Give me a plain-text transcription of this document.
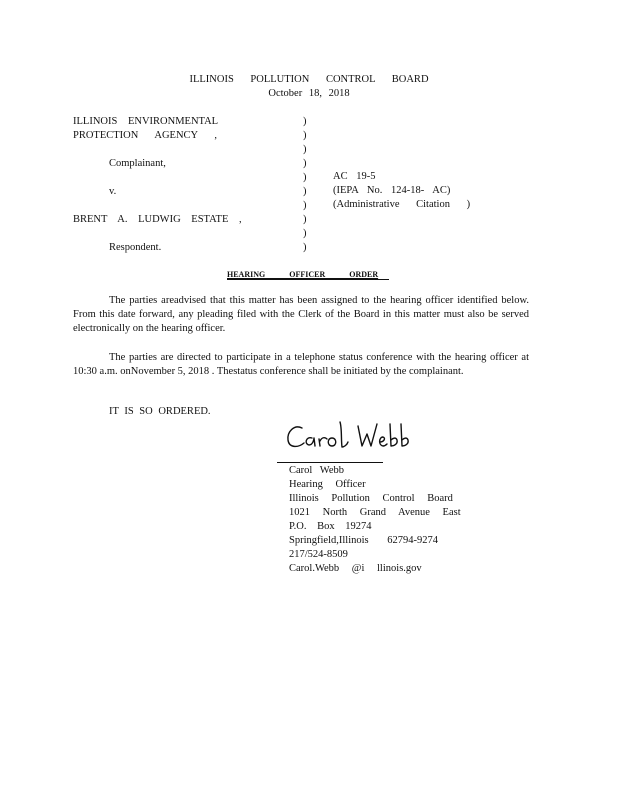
ILLINOIS POLLUTION CONTROL BOARD
October 18, 2018
ILLINOIS ENVIRONMENTAL
PROTECTION AGENCY ,
Complainant,
v.
BRENT A. LUDWIG ESTATE ,
Respondent.
)
)
)
)
)
)
)
)
)
)
AC 19-5
(IEPA No. 124-18- AC)
(Administrative Citation )
HEARING OFFICER ORDER
The parties areadvised that this matter has been assigned to the hearing officer identified below. From this date forward, any pleading filed with the Clerk of the Board in this matter must also be served electronically on the hearing officer.
The parties are directed to participate in a telephone status conference with the hearing officer at 10:30 a.m. onNovember 5, 2018 . Thestatus conference shall be initiated by the complainant.
IT IS SO ORDERED.
Carol Webb
Hearing Officer
Illinois Pollution Control Board
1021 North Grand Avenue East
P.O. Box 19274
Springfield,Illinois 62794-9274
217/524-8509
Carol.Webb @i llinois.gov
